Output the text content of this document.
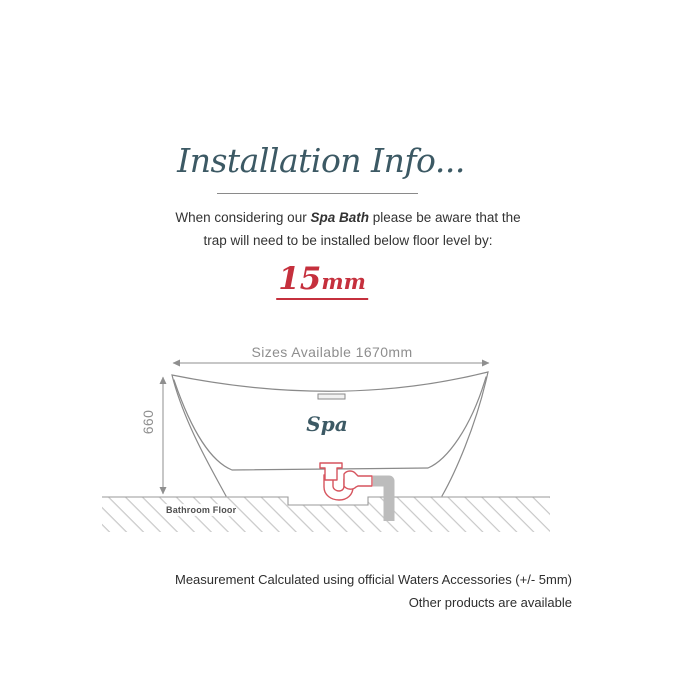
Installation Info...
When considering our Spa Bath please be aware that the
trap will need to be installed below floor level by:
15mm
Spa
Sizes Available 1670mm
660
Bathroom Floor
Measurement Calculated using official Waters Accessories (+/- 5mm)
Other products are available
